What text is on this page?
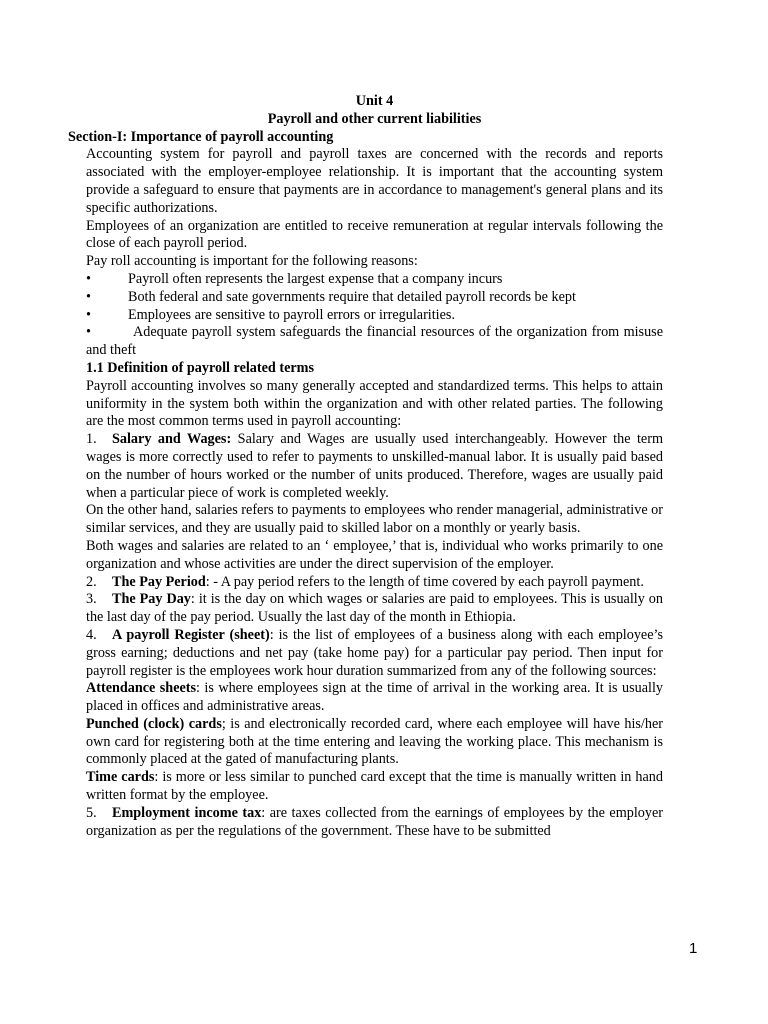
Unit 4
Payroll and other current liabilities
Section-I: Importance of payroll accounting

Accounting system for payroll and payroll taxes are concerned with the records and reports associated with the employer-employee relationship. It is important that the accounting system provide a safeguard to ensure that payments are in accordance to management's general plans and its specific authorizations.

Employees of an organization are entitled to receive remuneration at regular intervals following the close of each payroll period.

Pay roll accounting is important for the following reasons:

•	Payroll often represents the largest expense that a company incurs
•	Both federal and sate governments require that detailed payroll records be kept
•	Employees are sensitive to payroll errors or irregularities.
•	Adequate payroll system safeguards the financial resources of the organization from misuse and theft
1.1 Definition of payroll related terms

Payroll accounting involves so many generally accepted and standardized terms. This helps to attain uniformity in the system both within the organization and with other related parties. The following are the most common terms used in payroll accounting:

1. Salary and Wages: Salary and Wages are usually used interchangeably. However the term wages is more correctly used to refer to payments to unskilled-manual labor. It is usually paid based on the number of hours worked or the number of units produced. Therefore, wages are usually paid when a particular piece of work is completed weekly.

On the other hand, salaries refers to payments to employees who render managerial, administrative or similar services, and they are usually paid to skilled labor on a monthly or yearly basis.

Both wages and salaries are related to an ‘ employee,’ that is, individual who works primarily to one organization and whose activities are under the direct supervision of the employer.

2. The Pay Period: - A pay period refers to the length of time covered by each payroll payment.

3. The Pay Day: it is the day on which wages or salaries are paid to employees. This is usually on the last day of the pay period. Usually the last day of the month in Ethiopia.

4. A payroll Register (sheet): is the list of employees of a business along with each employee’s gross earning; deductions and net pay (take home pay) for a particular pay period. Then input for payroll register is the employees work hour duration summarized from any of the following sources:

Attendance sheets: is where employees sign at the time of arrival in the working area. It is usually placed in offices and administrative areas.

Punched (clock) cards; is and electronically recorded card, where each employee will have his/her own card for registering both at the time entering and leaving the working place. This mechanism is commonly placed at the gated of manufacturing plants.

Time cards: is more or less similar to punched card except that the time is manually written in hand written format by the employee.

5. Employment income tax: are taxes collected from the earnings of employees by the employer organization as per the regulations of the government. These have to be submitted

1
